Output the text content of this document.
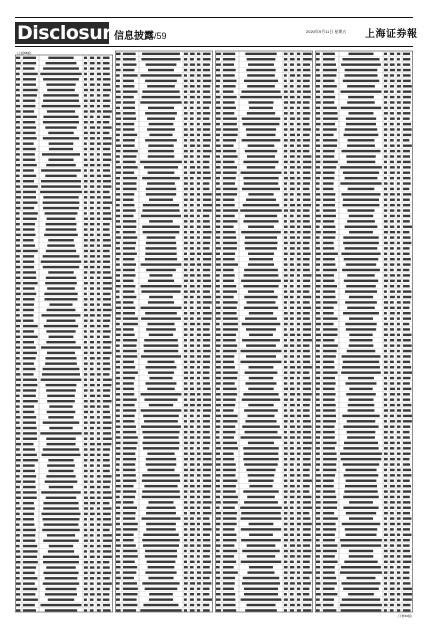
Disclosure
信息披露/59	2020年9月11日 星期五 上海证券報
(上接58版)
(下转60版)
